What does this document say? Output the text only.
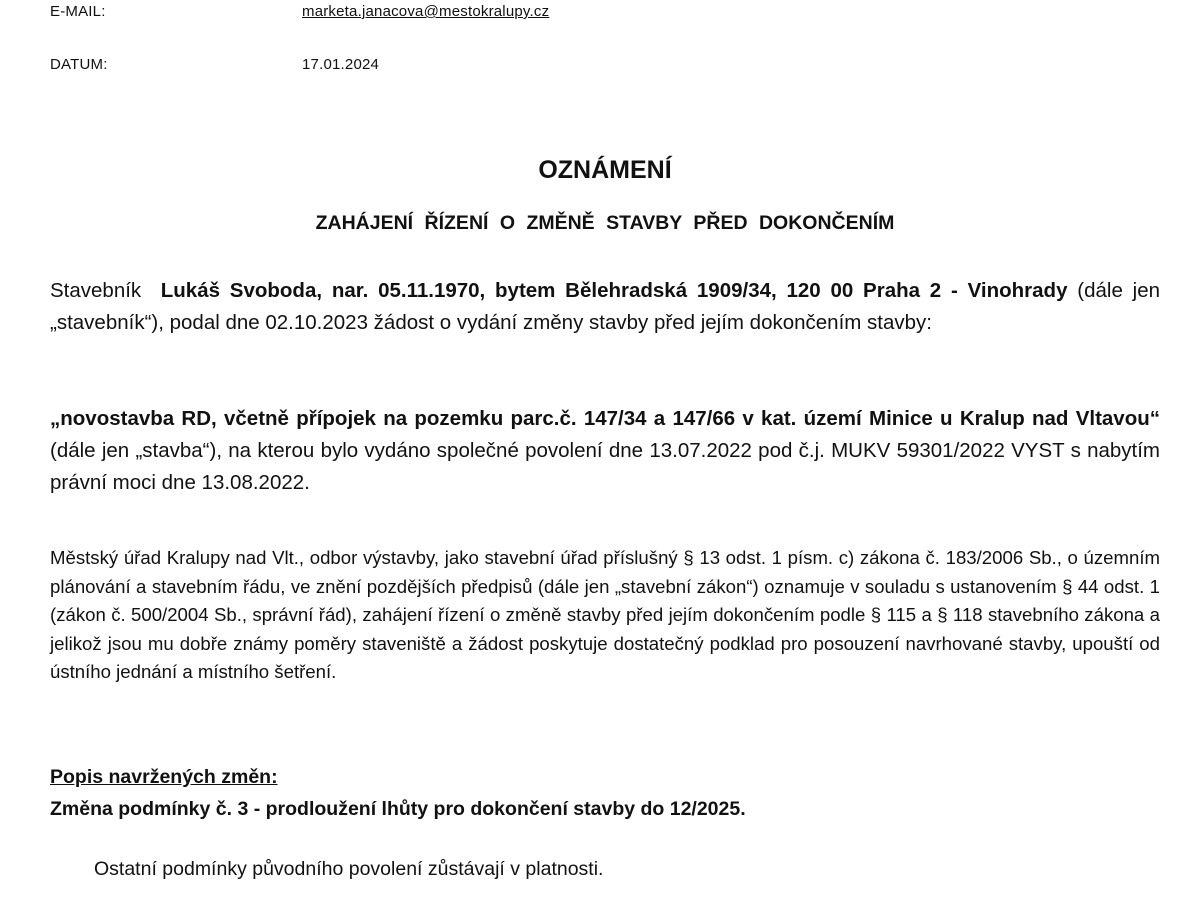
E-MAIL:	marketa.janacova@mestokralupy.cz
DATUM:	17.01.2024
OZNÁMENÍ
ZAHÁJENÍ ŘÍZENÍ O ZMĚNĚ STAVBY PŘED DOKONČENÍM
Stavebník Lukáš Svoboda, nar. 05.11.1970, bytem Bělehradská 1909/34, 120 00 Praha 2 - Vinohrady (dále jen „stavebník“), podal dne 02.10.2023 žádost o vydání změny stavby před jejím dokončením stavby:
„novostavba RD, včetně přípojek na pozemku parc.č. 147/34 a 147/66 v kat. území Minice u Kralup nad Vltavou“ (dále jen „stavba“), na kterou bylo vydáno společné povolení dne 13.07.2022 pod č.j. MUKV 59301/2022 VYST s nabytím právní moci dne 13.08.2022.
Městský úřad Kralupy nad Vlt., odbor výstavby, jako stavební úřad příslušný § 13 odst. 1 písm. c) zákona č. 183/2006 Sb., o územním plánování a stavebním řádu, ve znění pozdějších předpisů (dále jen „stavební zákon“) oznamuje v souladu s ustanovením § 44 odst. 1 (zákon č. 500/2004 Sb., správní řád), zahájení řízení o změně stavby před jejím dokončením podle § 115 a § 118 stavebního zákona a jelikož jsou mu dobře známy poměry staveniště a žádost poskytuje dostatečný podklad pro posouzení navrhované stavby, upouští od ústního jednání a místního šetření.
Popis navržených změn:
Změna podmínky č. 3 - prodloužení lhůty pro dokončení stavby do 12/2025.
Ostatní podmínky původního povolení zůstávají v platnosti.
